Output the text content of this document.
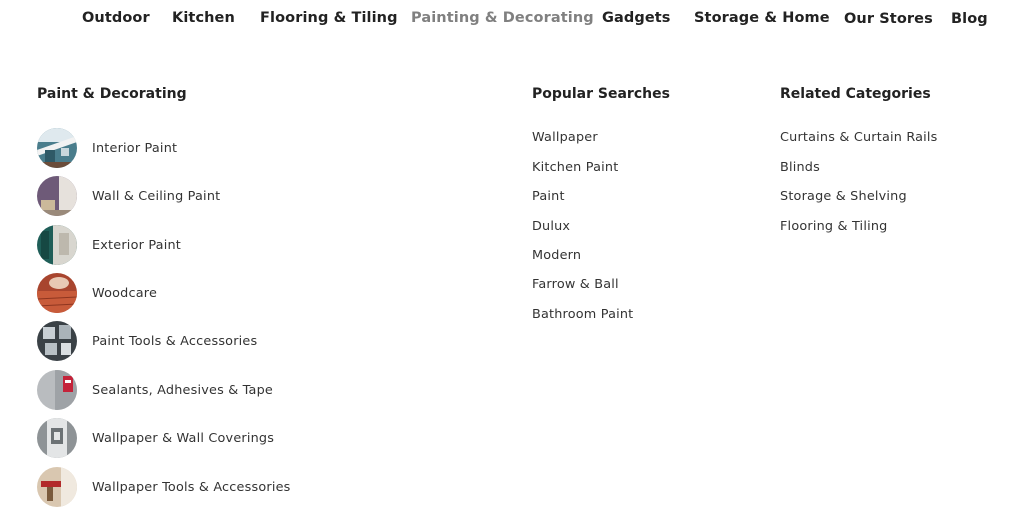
Outdoor Kitchen Flooring & Tiling Painting & Decorating Gadgets Storage & Home Our Stores Blog
Paint & Decorating	Popular Searches	Related Categories
Interior Paint
Wall & Ceiling Paint
Exterior Paint
Woodcare
Paint Tools & Accessories
Sealants, Adhesives & Tape
Wallpaper & Wall Coverings
Wallpaper Tools & Accessories
Wallpaper
Kitchen Paint
Paint
Dulux
Modern
Farrow & Ball
Bathroom Paint
Curtains & Curtain Rails
Blinds
Storage & Shelving
Flooring & Tiling
